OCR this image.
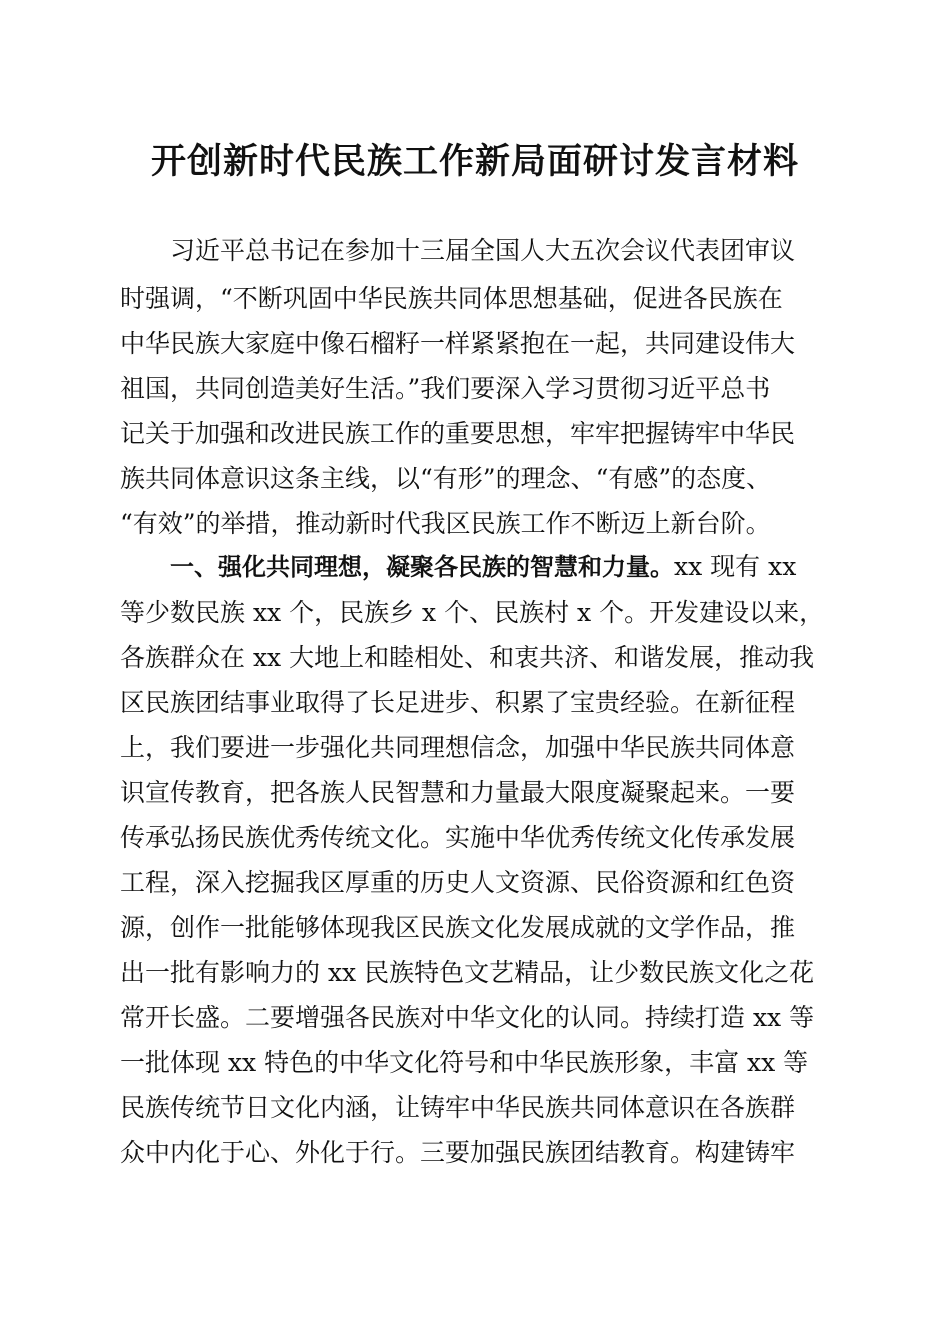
开创新时代民族工作新局面研讨发言材料

习近平总书记在参加十三届全国人大五次会议代表团审议

时强调，“不断巩固中华民族共同体思想基础，促进各民族在

中华民族大家庭中像石榴籽一样紧紧抱在一起，共同建设伟大

祖国，共同创造美好生活。”我们要深入学习贯彻习近平总书

记关于加强和改进民族工作的重要思想，牢牢把握铸牢中华民

族共同体意识这条主线，以“有形”的理念、“有感”的态度、

“有效”的举措，推动新时代我区民族工作不断迈上新台阶。

一、强化共同理想，凝聚各民族的智慧和力量。xx 现有 xx

等少数民族 xx 个，民族乡 x 个、民族村 x 个。开发建设以来，

各族群众在 xx 大地上和睦相处、和衷共济、和谐发展，推动我

区民族团结事业取得了长足进步、积累了宝贵经验。在新征程

上，我们要进一步强化共同理想信念，加强中华民族共同体意

识宣传教育，把各族人民智慧和力量最大限度凝聚起来。一要

传承弘扬民族优秀传统文化。实施中华优秀传统文化传承发展

工程，深入挖掘我区厚重的历史人文资源、民俗资源和红色资

源，创作一批能够体现我区民族文化发展成就的文学作品，推

出一批有影响力的 xx 民族特色文艺精品，让少数民族文化之花

常开长盛。二要增强各民族对中华文化的认同。持续打造 xx 等

一批体现 xx 特色的中华文化符号和中华民族形象，丰富 xx 等

民族传统节日文化内涵，让铸牢中华民族共同体意识在各族群

众中内化于心、外化于行。三要加强民族团结教育。构建铸牢
